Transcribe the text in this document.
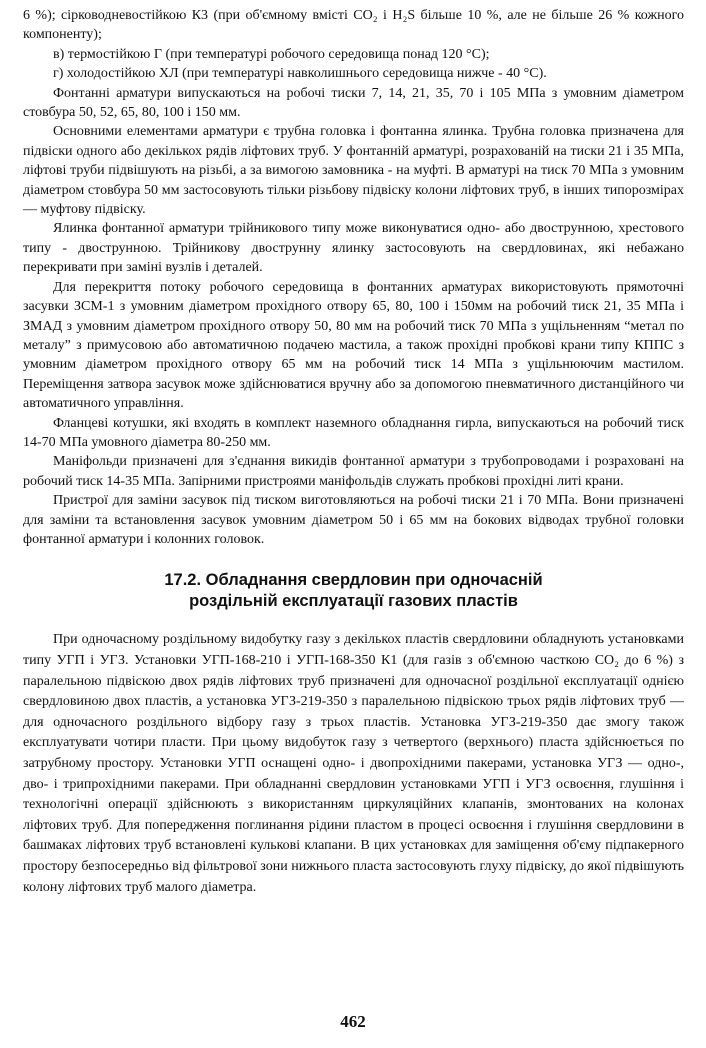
6 %); сірководневостійкою К3 (при об'ємному вмісті CO₂ і H₂S більше 10 %, але не більше 26 % кожного компоненту);

в) термостійкою Г (при температурі робочого середовища понад 120 °С);

г) холодостійкою ХЛ (при температурі навколишнього середовища нижче - 40 °С).

Фонтанні арматури випускаються на робочі тиски 7, 14, 21, 35, 70 і 105 МПа з умовним діаметром стовбура 50, 52, 65, 80, 100 і 150 мм.

Основними елементами арматури є трубна головка і фонтанна ялинка. Трубна головка призначена для підвіски одного або декількох рядів ліфтових труб. У фонтанній арматурі, розрахованій на тиски 21 і 35 МПа, ліфтові труби підвішують на різьбі, а за вимогою замовника - на муфті. В арматурі на тиск 70 МПа з умовним діаметром стовбура 50 мм застосовують тільки різьбову підвіску колони ліфтових труб, в інших типорозмірах — муфтову підвіску.

Ялинка фонтанної арматури трійникового типу може виконуватися одно- або двострунною, хрестового типу - двострунною. Трійникову двострунну ялинку застосовують на свердловинах, які небажано перекривати при заміні вузлів і деталей.

Для перекриття потоку робочого середовища в фонтанних арматурах використовують прямоточні засувки ЗСМ-1 з умовним діаметром прохідного отвору 65, 80, 100 і 150мм на робочий тиск 21, 35 МПа і ЗМАД з умовним діаметром прохідного отвору 50, 80 мм на робочий тиск 70 МПа з ущільненням “метал по металу” з примусовою або автоматичною подачею мастила, а також прохідні пробкові крани типу КППС з умовним діаметром прохідного отвору 65 мм на робочий тиск 14 МПа з ущільнюючим мастилом. Переміщення затвора засувок може здійснюватися вручну або за допомогою пневматичного дистанційного чи автоматичного управління.

Фланцеві котушки, які входять в комплект наземного обладнання гирла, випускаються на робочий тиск 14-70 МПа умовного діаметра 80-250 мм.

Маніфольди призначені для з'єднання викидів фонтанної арматури з трубопроводами і розраховані на робочий тиск 14-35 МПа. Запірними пристроями маніфольдів служать пробкові прохідні литі крани.

Пристрої для заміни засувок під тиском виготовляються на робочі тиски 21 і 70 МПа. Вони призначені для заміни та встановлення засувок умовним діаметром 50 і 65 мм на бокових відводах трубної головки фонтанної арматури і колонних головок.

17.2. Обладнання свердловин при одночасній
роздільній експлуатації газових пластів

При одночасному роздільному видобутку газу з декількох пластів свердловини обладнують установками типу УГП і УГЗ. Установки УГП-168-210 і УГП-168-350 К1 (для газів з об'ємною часткою CO₂ до 6 %) з паралельною підвіскою двох рядів ліфтових труб призначені для одночасної роздільної експлуатації однією свердловиною двох пластів, а установка УГЗ-219-350 з паралельною підвіскою трьох рядів ліфтових труб — для одночасного роздільного відбору газу з трьох пластів. Установка УГЗ-219-350 дає змогу також експлуатувати чотири пласти. При цьому видобуток газу з четвертого (верхнього) пласта здійснюється по затрубному простору. Установки УГП оснащені одно- і двопрохідними пакерами, установка УГЗ — одно-, дво- і трипрохідними пакерами. При обладнанні свердловин установками УГП і УГЗ освоєння, глушіння і технологічні операції здійснюють з використанням циркуляційних клапанів, змонтованих на колонах ліфтових труб. Для попередження поглинання рідини пластом в процесі освоєння і глушіння свердловини в башмаках ліфтових труб встановлені кулькові клапани. В цих установках для заміщення об'єму підпакерного простору безпосередньо від фільтрової зони нижнього пласта застосовують глуху підвіску, до якої підвішують колону ліфтових труб малого діаметра.

462
